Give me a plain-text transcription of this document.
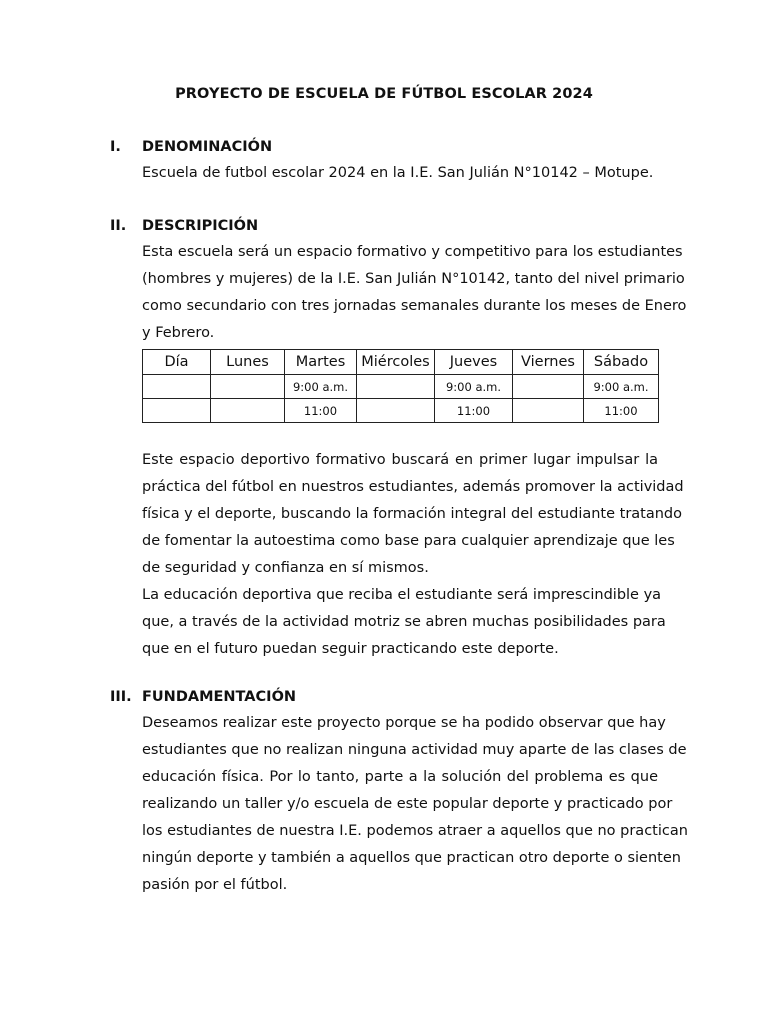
PROYECTO DE ESCUELA DE FÚTBOL ESCOLAR 2024
I.	DENOMINACIÓN
Escuela de futbol escolar 2024 en la I.E. San Julián N°10142 – Motupe.
II.	DESCRIPICIÓN
Esta escuela será un espacio formativo y competitivo para los estudiantes
(hombres y mujeres) de la I.E. San Julián N°10142, tanto del nivel primario
como secundario con tres jornadas semanales durante los meses de Enero
y Febrero.
Día	Lunes	Martes	Miércoles	Jueves	Viernes	Sábado
		9:00 a.m.		9:00 a.m.		9:00 a.m.
		11:00		11:00		11:00
Este espacio deportivo formativo buscará en primer lugar impulsar la
práctica del fútbol en nuestros estudiantes, además promover la actividad
física y el deporte, buscando la formación integral del estudiante tratando
de fomentar la autoestima como base para cualquier aprendizaje que les
de seguridad y confianza en sí mismos.
La educación deportiva que reciba el estudiante será imprescindible ya
que, a través de la actividad motriz se abren muchas posibilidades para
que en el futuro puedan seguir practicando este deporte.
III. FUNDAMENTACIÓN
Deseamos realizar este proyecto porque se ha podido observar que hay
estudiantes que no realizan ninguna actividad muy aparte de las clases de
educación física. Por lo tanto, parte a la solución del problema es que
realizando un taller y/o escuela de este popular deporte y practicado por
los estudiantes de nuestra I.E. podemos atraer a aquellos que no practican
ningún deporte y también a aquellos que practican otro deporte o sienten
pasión por el fútbol.
